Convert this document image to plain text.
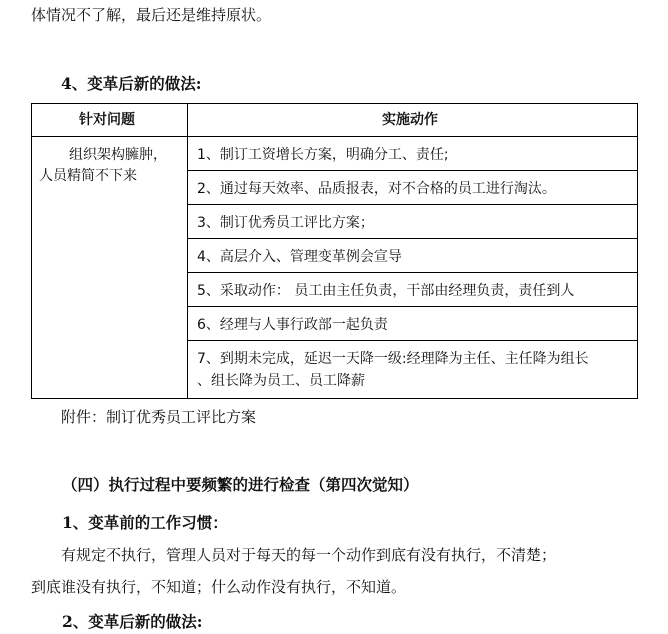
体情况不了解，最后还是维持原状。
4、变革后新的做法:
针对问题	实施动作
组织架构臃肿，
人员精简不下来
1、制订工资增长方案，明确分工、责任;
2、通过每天效率、品质报表，对不合格的员工进行淘汰。
3、制订优秀员工评比方案；
4、高层介入、管理变革例会宣导
5、采取动作： 员工由主任负责，干部由经理负责，责任到人
6、经理与人事行政部一起负责
7、到期未完成，延迟一天降一级:经理降为主任、主任降为组长
、组长降为员工、员工降薪
附件：制订优秀员工评比方案
（四）执行过程中要频繁的进行检查（第四次觉知）
1、变革前的工作习惯：
有规定不执行，管理人员对于每天的每一个动作到底有没有执行，不清楚；
到底谁没有执行，不知道；什么动作没有执行，不知道。
2、变革后新的做法:
